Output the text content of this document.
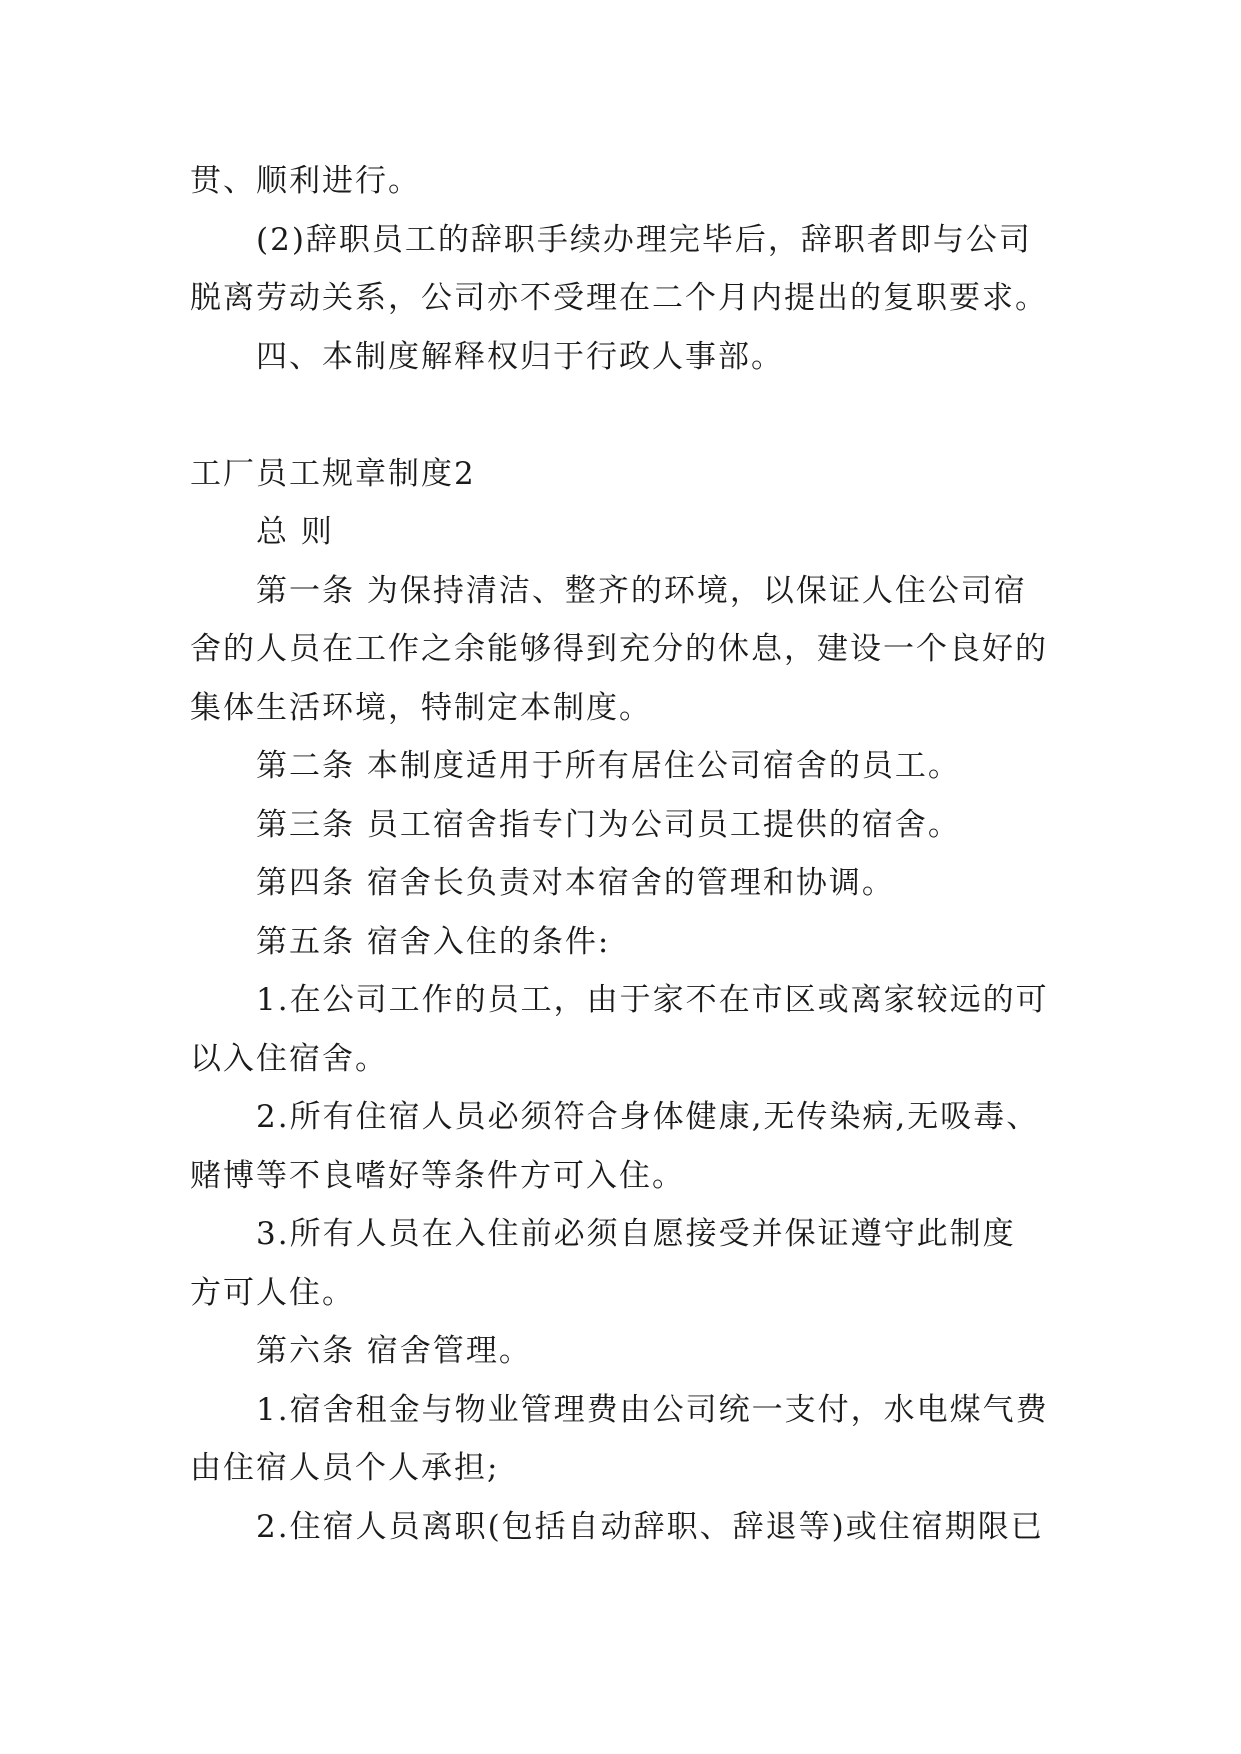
贯、顺利进行。
(2)辞职员工的辞职手续办理完毕后，辞职者即与公司
脱离劳动关系，公司亦不受理在二个月内提出的复职要求。
四、本制度解释权归于行政人事部。
工厂员工规章制度2
总 则
第一条 为保持清洁、整齐的环境，以保证人住公司宿
舍的人员在工作之余能够得到充分的休息，建设一个良好的
集体生活环境，特制定本制度。
第二条 本制度适用于所有居住公司宿舍的员工。
第三条 员工宿舍指专门为公司员工提供的宿舍。
第四条 宿舍长负责对本宿舍的管理和协调。
第五条 宿舍入住的条件:
1.在公司工作的员工，由于家不在市区或离家较远的可
以入住宿舍。
2.所有住宿人员必须符合身体健康,无传染病,无吸毒、
赌博等不良嗜好等条件方可入住。
3.所有人员在入住前必须自愿接受并保证遵守此制度
方可人住。
第六条 宿舍管理。
1.宿舍租金与物业管理费由公司统一支付，水电煤气费
由住宿人员个人承担;
2.住宿人员离职(包括自动辞职、辞退等)或住宿期限已
